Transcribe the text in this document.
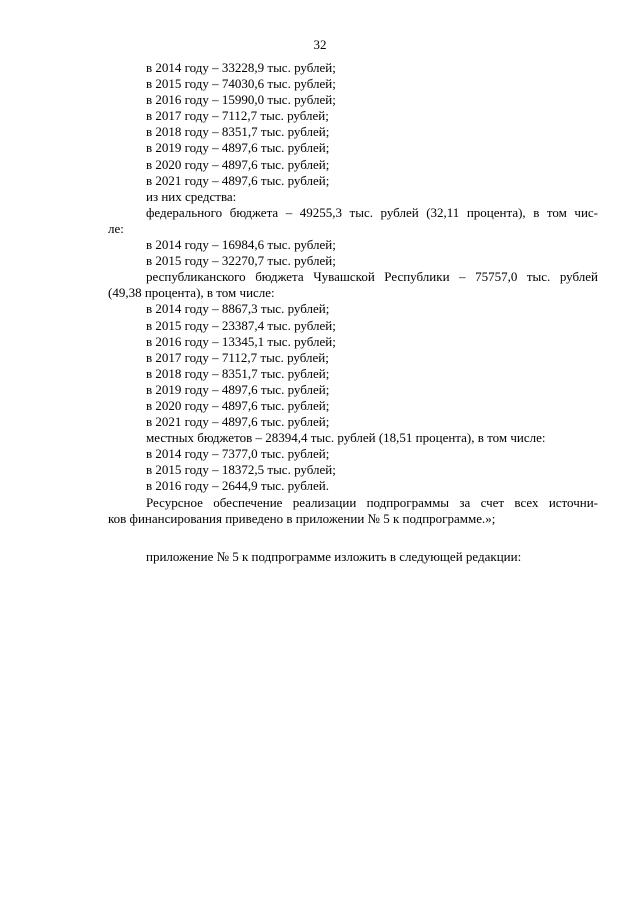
32
в 2014 году – 33228,9 тыс. рублей;
в 2015 году – 74030,6 тыс. рублей;
в 2016 году – 15990,0 тыс. рублей;
в 2017 году – 7112,7 тыс. рублей;
в 2018 году – 8351,7 тыс. рублей;
в 2019 году – 4897,6 тыс. рублей;
в 2020 году – 4897,6 тыс. рублей;
в 2021 году – 4897,6 тыс. рублей;
из них средства:
федерального бюджета – 49255,3 тыс. рублей (32,11 процента), в том чис-
ле:
в 2014 году – 16984,6 тыс. рублей;
в 2015 году – 32270,7 тыс. рублей;
республиканского бюджета Чувашской Республики – 75757,0 тыс. рублей
(49,38 процента), в том числе:
в 2014 году – 8867,3 тыс. рублей;
в 2015 году – 23387,4 тыс. рублей;
в 2016 году – 13345,1 тыс. рублей;
в 2017 году – 7112,7 тыс. рублей;
в 2018 году – 8351,7 тыс. рублей;
в 2019 году – 4897,6 тыс. рублей;
в 2020 году – 4897,6 тыс. рублей;
в 2021 году – 4897,6 тыс. рублей;
местных бюджетов – 28394,4 тыс. рублей (18,51 процента), в том числе:
в 2014 году – 7377,0 тыс. рублей;
в 2015 году – 18372,5 тыс. рублей;
в 2016 году – 2644,9 тыс. рублей.
Ресурсное обеспечение реализации подпрограммы за счет всех источни-
ков финансирования приведено в приложении № 5 к подпрограмме.»;
приложение № 5 к подпрограмме изложить в следующей редакции:
